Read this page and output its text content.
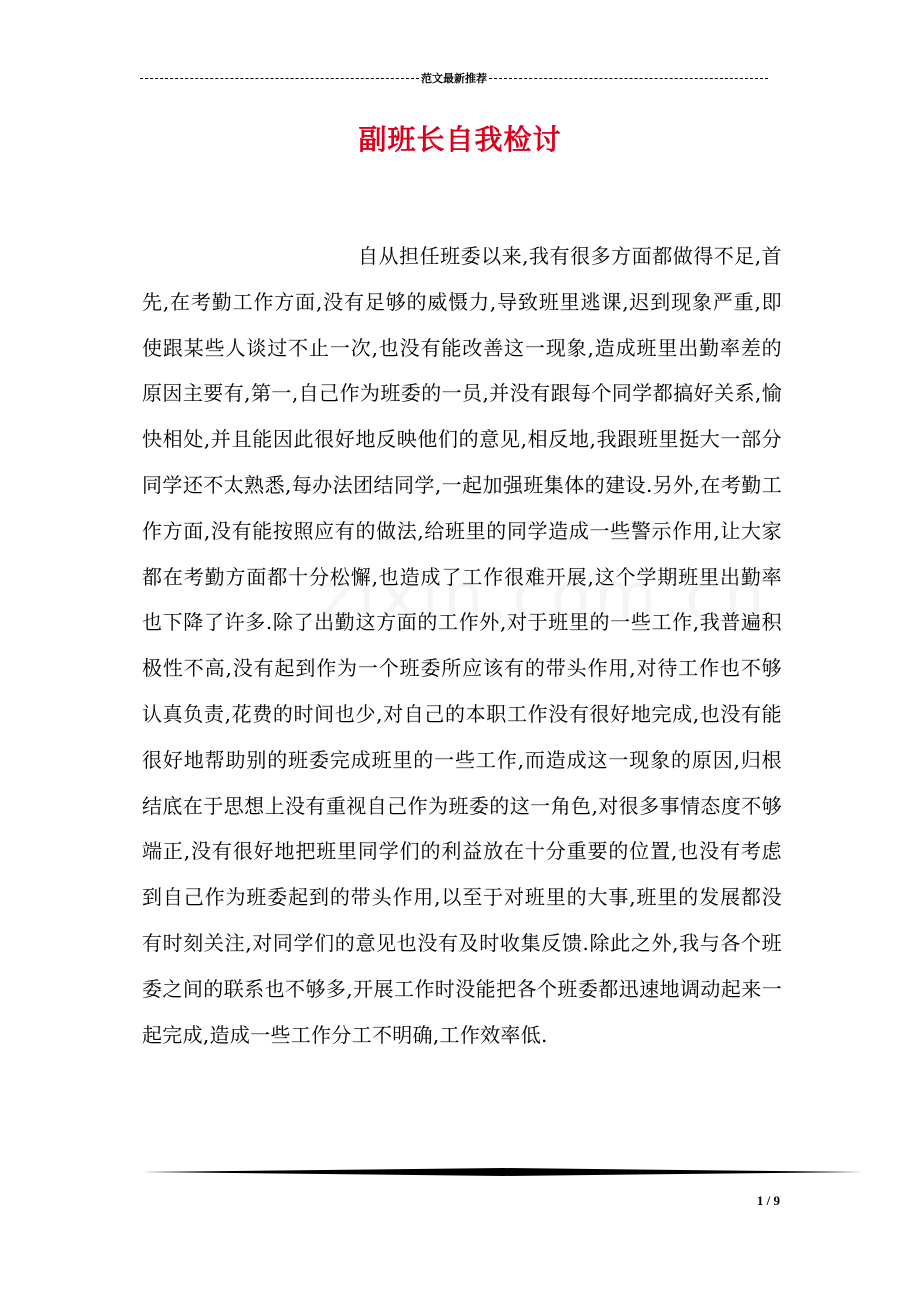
范文最新推荐
副班长自我检讨
自从担任班委以来,我有很多方面都做得不足,首先,在考勤工作方面,没有足够的威慑力,导致班里逃课,迟到现象严重,即使跟某些人谈过不止一次,也没有能改善这一现象,造成班里出勤率差的原因主要有,第一,自己作为班委的一员,并没有跟每个同学都搞好关系,愉快相处,并且能因此很好地反映他们的意见,相反地,我跟班里挺大一部分同学还不太熟悉,每办法团结同学,一起加强班集体的建设.另外,在考勤工作方面,没有能按照应有的做法,给班里的同学造成一些警示作用,让大家都在考勤方面都十分松懈,也造成了工作很难开展,这个学期班里出勤率也下降了许多.除了出勤这方面的工作外,对于班里的一些工作,我普遍积极性不高,没有起到作为一个班委所应该有的带头作用,对待工作也不够认真负责,花费的时间也少,对自己的本职工作没有很好地完成,也没有能很好地帮助别的班委完成班里的一些工作,而造成这一现象的原因,归根结底在于思想上没有重视自己作为班委的这一角色,对很多事情态度不够端正,没有很好地把班里同学们的利益放在十分重要的位置,也没有考虑到自己作为班委起到的带头作用,以至于对班里的大事,班里的发展都没有时刻关注,对同学们的意见也没有及时收集反馈.除此之外,我与各个班委之间的联系也不够多,开展工作时没能把各个班委都迅速地调动起来一起完成,造成一些工作分工不明确,工作效率低.
1 / 9
